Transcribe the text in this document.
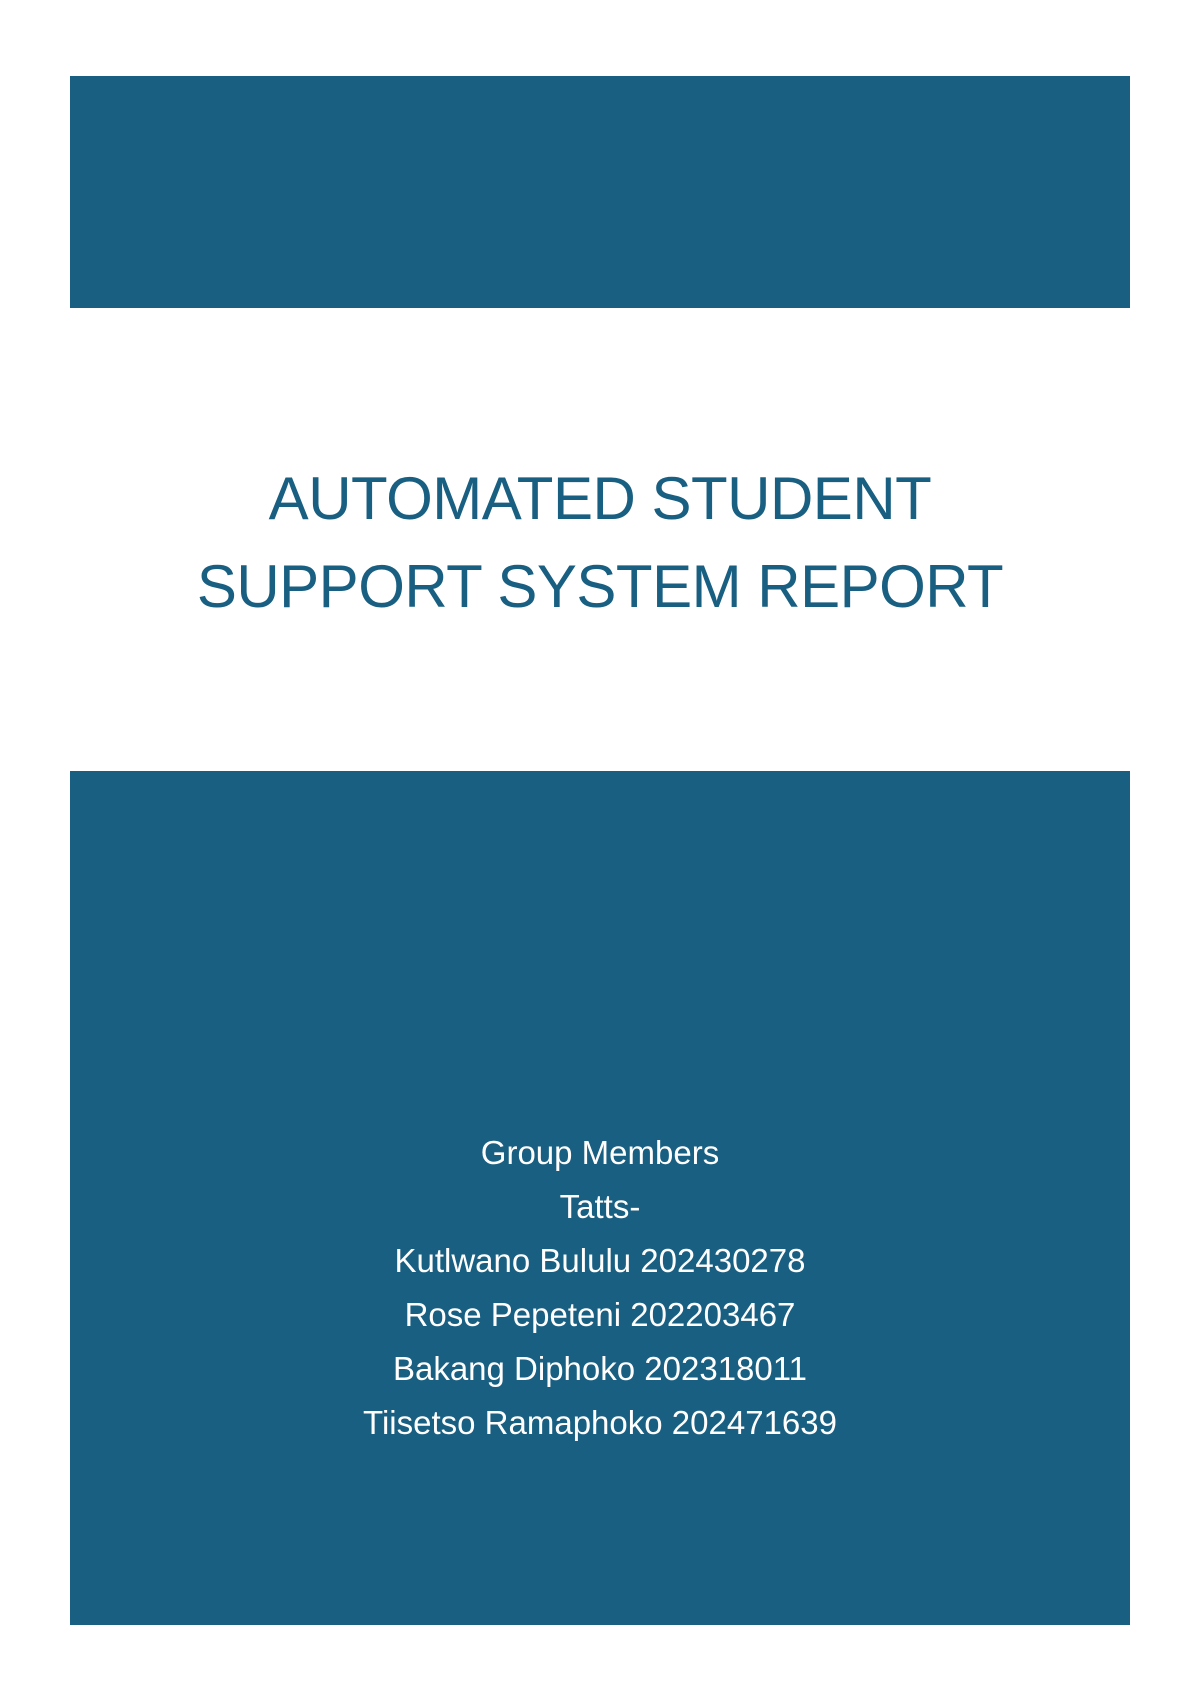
AUTOMATED STUDENT
SUPPORT SYSTEM REPORT
Group Members
Tatts-
Kutlwano Bululu 202430278
Rose Pepeteni 202203467
Bakang Diphoko 202318011
Tiisetso Ramaphoko 202471639
